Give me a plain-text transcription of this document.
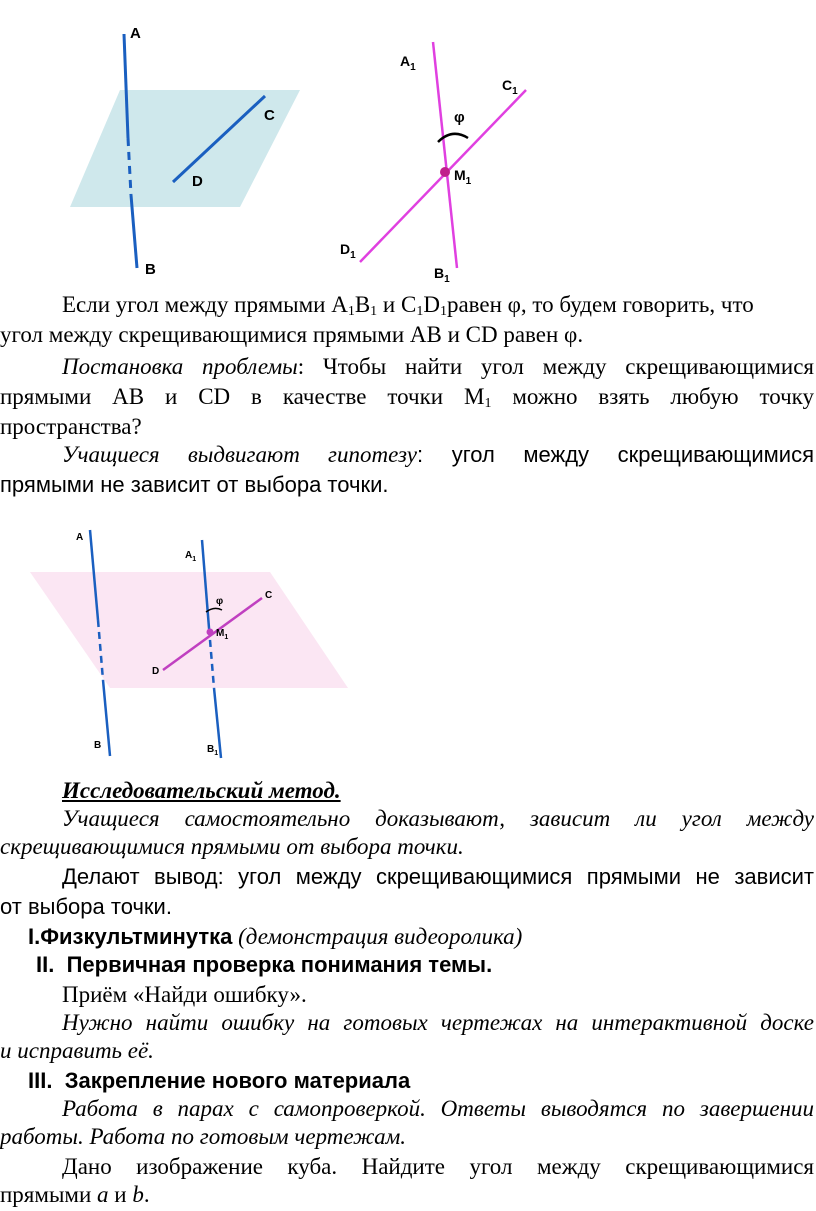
A
B
C
D
φ
$A_1$
$C_1$
$M_1$
$D_1$
$B_1$
Если угол между прямыми $А_1В_1$ и $С_1D_1равен$ φ, то будем говорить, что
угол между скрещивающимися прямыми АВ и СD равен φ.
Постановка проблемы: Чтобы найти угол между скрещивающимися
прямыми АВ и CD в качестве точки $М_1$ можно взять любую точку
пространства?
Учащиеся выдвигают гипотезу: угол между скрещивающимися
прямыми не зависит от выбора точки.
A
B
C
D
φ
$A_1$
$M_1$
$B_1$
Исследовательский метод.
Учащиеся самостоятельно доказывают, зависит ли угол между
скрещивающимися прямыми от выбора точки.
Делают вывод: угол между скрещивающимися прямыми не зависит
от выбора точки.
I.Физкультминутка (демонстрация видеоролика)
II. Первичная проверка понимания темы.
Приём «Найди ошибку».
Нужно найти ошибку на готовых чертежах на интерактивной доске
и исправить её.
III. Закрепление нового материала
Работа в парах с самопроверкой. Ответы выводятся по завершении
работы. Работа по готовым чертежам.
Дано изображение куба. Найдите угол между скрещивающимися
прямыми a и b.
